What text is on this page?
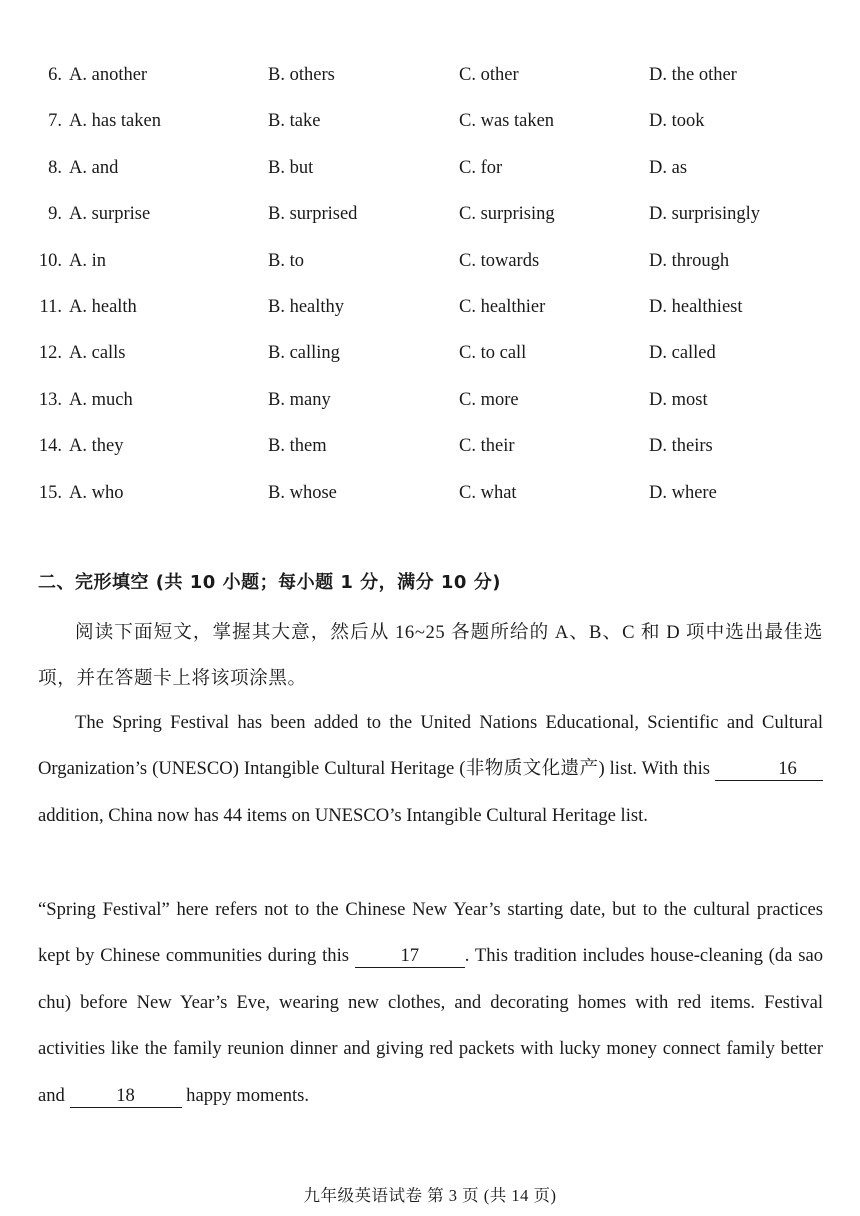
6. A. another	B. others	C. other	D. the other
7. A. has taken	B. take	C. was taken	D. took
8. A. and	B. but	C. for	D. as
9. A. surprise	B. surprised	C. surprising	D. surprisingly
10. A. in	B. to	C. towards	D. through
11. A. health	B. healthy	C. healthier	D. healthiest
12. A. calls	B. calling	C. to call	D. called
13. A. much	B. many	C. more	D. most
14. A. they	B. them	C. their	D. theirs
15. A. who	B. whose	C. what	D. where
二、完形填空 (共 10 小题；每小题 1 分，满分 10 分)
阅读下面短文，掌握其大意，然后从 16~25 各题所给的 A、B、C 和 D 项中选出最佳选项，并在答题卡上将该项涂黑。
The Spring Festival has been added to the United Nations Educational, Scientific and Cultural Organization’s (UNESCO) Intangible Cultural Heritage (非物质文化遗产) list. With this	16 addition, China now has 44 items on UNESCO’s Intangible Cultural Heritage list.
“Spring Festival” here refers not to the Chinese New Year’s starting date, but to the cultural practices kept by Chinese communities during this 17 . This tradition includes house-cleaning (da sao chu) before New Year’s Eve, wearing new clothes, and decorating homes with red items. Festival activities like the family reunion dinner and giving red packets with lucky money connect family better and	18	happy moments.
九年级英语试卷 第 3 页 (共 14 页)
